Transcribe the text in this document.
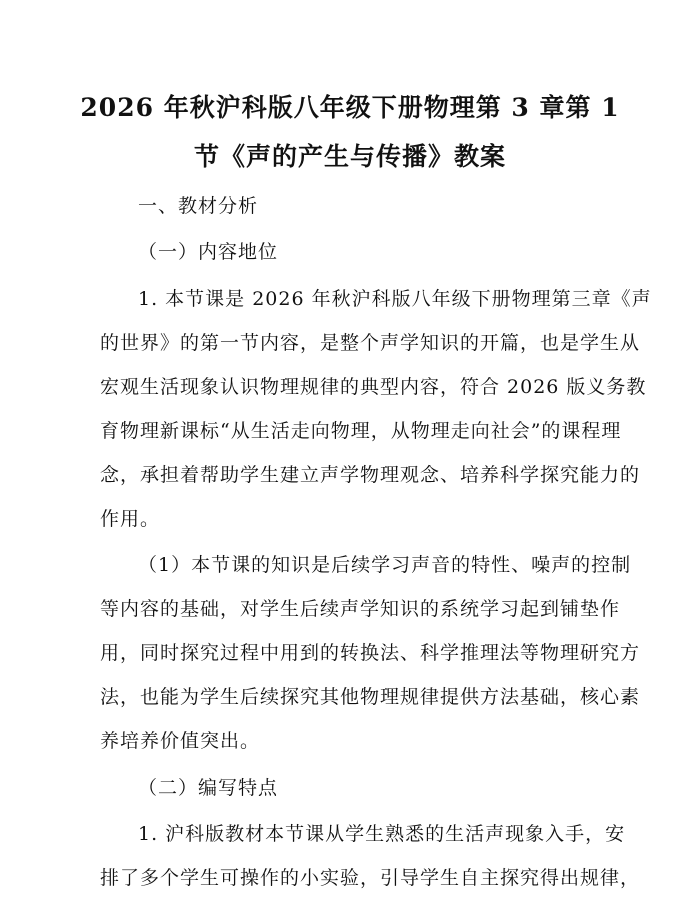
2026 年秋沪科版八年级下册物理第 3 章第 1
节《声的产生与传播》教案
一、教材分析
（一）内容地位
1. 本节课是 2026 年秋沪科版八年级下册物理第三章《声
的世界》的第一节内容，是整个声学知识的开篇，也是学生从
宏观生活现象认识物理规律的典型内容，符合 2026 版义务教
育物理新课标“从生活走向物理，从物理走向社会”的课程理
念，承担着帮助学生建立声学物理观念、培养科学探究能力的
作用。
（1）本节课的知识是后续学习声音的特性、噪声的控制
等内容的基础，对学生后续声学知识的系统学习起到铺垫作
用，同时探究过程中用到的转换法、科学推理法等物理研究方
法，也能为学生后续探究其他物理规律提供方法基础，核心素
养培养价值突出。
（二）编写特点
1. 沪科版教材本节课从学生熟悉的生活声现象入手，安
排了多个学生可操作的小实验，引导学生自主探究得出规律，
